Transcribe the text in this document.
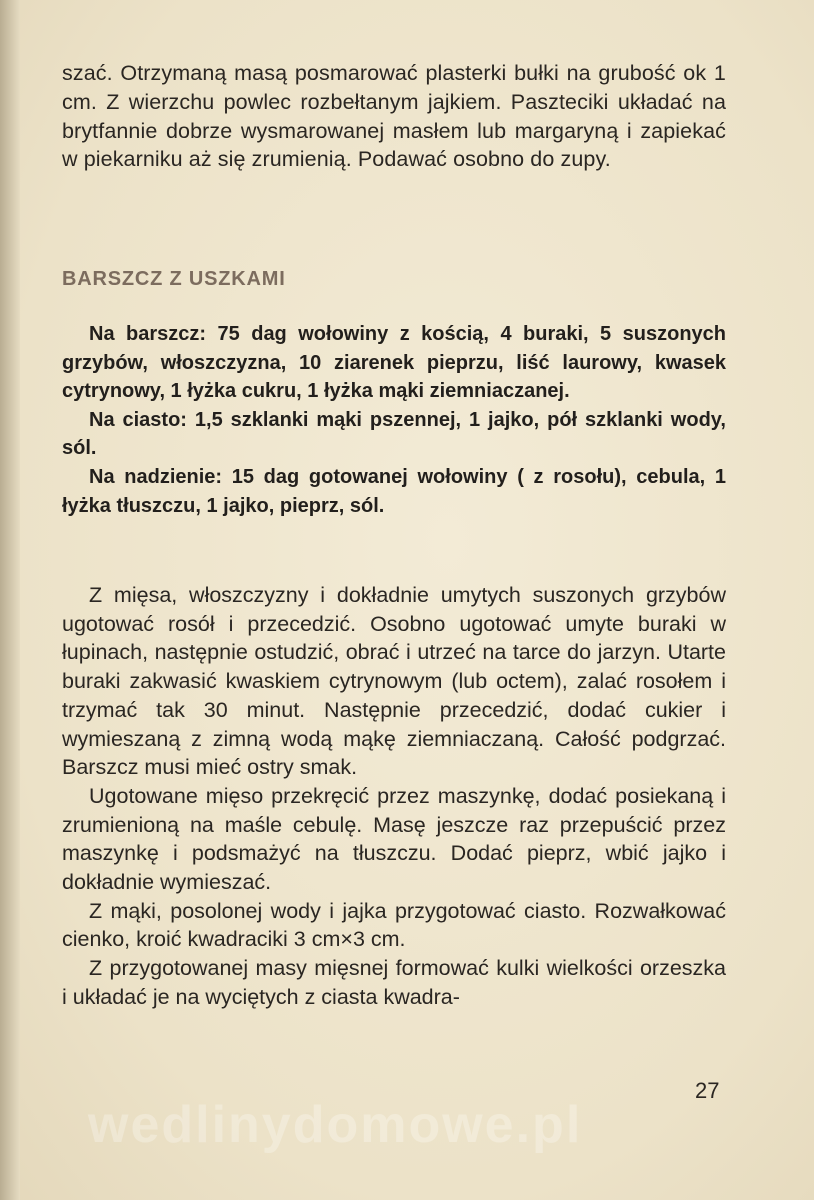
szać. Otrzymaną masą posmarować plasterki bułki na grubość ok 1 cm. Z wierzchu powlec rozbełtanym jajkiem. Paszteciki układać na brytfannie dobrze wysmarowanej masłem lub margaryną i zapiekać w piekarniku aż się zrumienią. Podawać osobno do zupy.
BARSZCZ Z USZKAMI

Na barszcz: 75 dag wołowiny z kością, 4 buraki, 5 suszonych grzybów, włoszczyzna, 10 ziarenek pieprzu, liść laurowy, kwasek cytrynowy, 1 łyżka cukru, 1 łyżka mąki ziemniaczanej.

Na ciasto: 1,5 szklanki mąki pszennej, 1 jajko, pół szklanki wody, sól.

Na nadzienie: 15 dag gotowanej wołowiny ( z rosołu), cebula, 1 łyżka tłuszczu, 1 jajko, pieprz, sól.

Z mięsa, włoszczyzny i dokładnie umytych suszonych grzybów ugotować rosół i przecedzić. Osobno ugotować umyte buraki w łupinach, następnie ostudzić, obrać i utrzeć na tarce do jarzyn. Utarte buraki zakwasić kwaskiem cytrynowym (lub octem), zalać rosołem i trzymać tak 30 minut. Następnie przecedzić, dodać cukier i wymieszaną z zimną wodą mąkę ziemniaczaną. Całość podgrzać. Barszcz musi mieć ostry smak.

Ugotowane mięso przekręcić przez maszynkę, dodać posiekaną i zrumienioną na maśle cebulę. Masę jeszcze raz przepuścić przez maszynkę i podsmażyć na tłuszczu. Dodać pieprz, wbić jajko i dokładnie wymieszać.

Z mąki, posolonej wody i jajka przygotować ciasto. Rozwałkować cienko, kroić kwadraciki 3 cm×3 cm.

Z przygotowanej masy mięsnej formować kulki wielkości orzeszka i układać je na wyciętych z ciasta kwadra-

27
wedlinydomowe.pl
